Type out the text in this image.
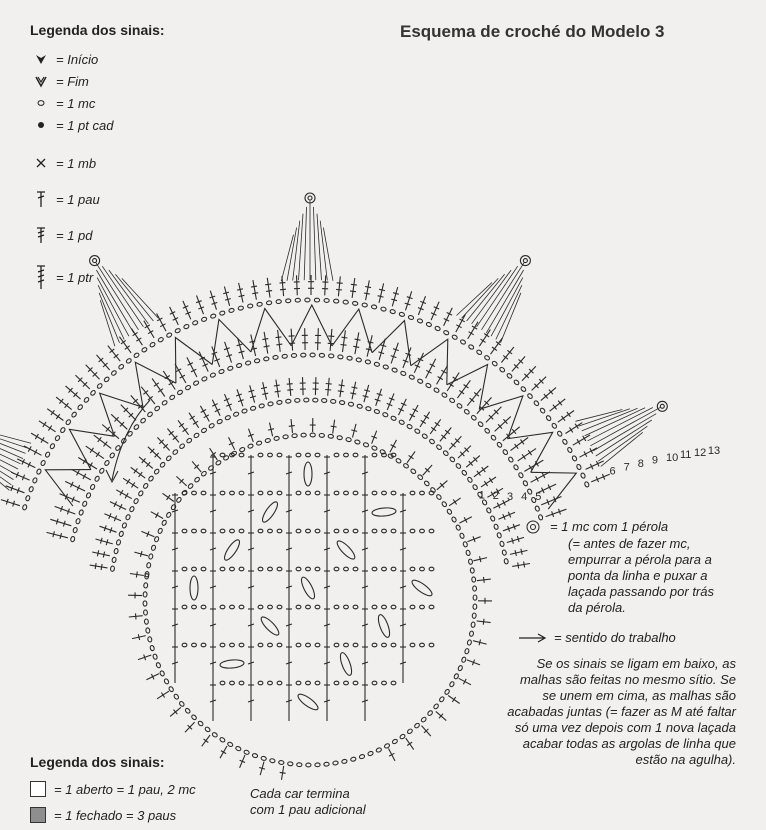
1 2 3 4 5
6 7 8 9 10 11 12 13
Esquema de croché do Modelo 3
Legenda dos sinais:
= Início
= Fim
= 1 mc
= 1 pt cad
= 1 mb
= 1 pau
= 1 pd
= 1 ptr
= 1 mc com 1 pérola
(= antes de fazer mc,
empurrar a pérola para a
ponta da linha e puxar a
laçada passando por trás
da pérola.
= sentido do trabalho
Se os sinais se ligam em baixo, as
malhas são feitas no mesmo sítio. Se
se unem em cima, as malhas são
acabadas juntas (= fazer as M até faltar
só uma vez depois com 1 nova laçada
acabar todas as argolas de linha que
estão na agulha).
Legenda dos sinais:
= 1 aberto = 1 pau, 2 mc
= 1 fechado = 3 paus
Cada car termina
com 1 pau adicional
